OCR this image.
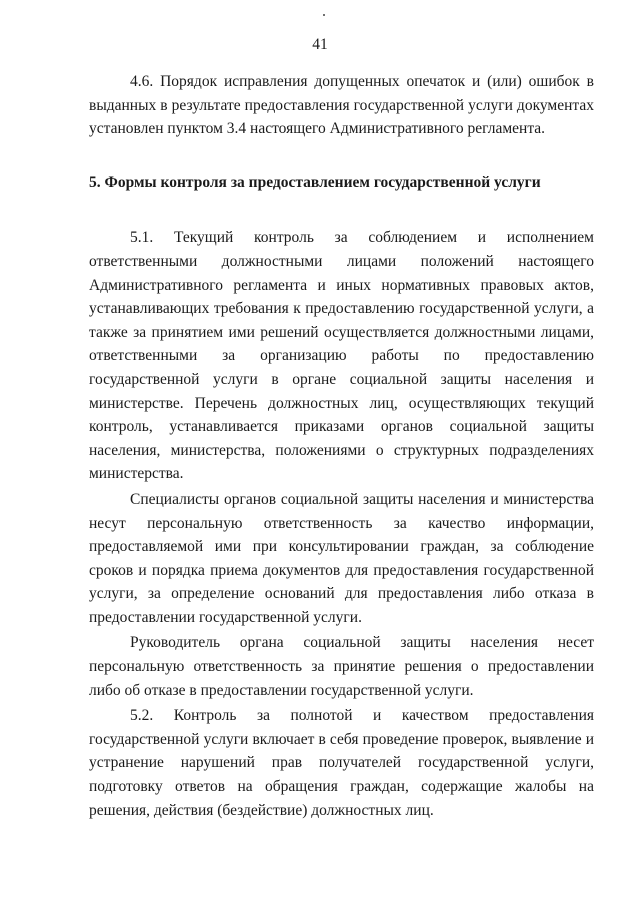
41

4.6. Порядок исправления допущенных опечаток и (или) ошибок в выданных в результате предоставления государственной услуги документах установлен пунктом 3.4 настоящего Административного регламента.

5. Формы контроля за предоставлением государственной услуги

5.1. Текущий контроль за соблюдением и исполнением ответственными должностными лицами положений настоящего Административного регламента и иных нормативных правовых актов, устанавливающих требования к предоставлению государственной услуги, а также за принятием ими решений осуществляется должностными лицами, ответственными за организацию работы по предоставлению государственной услуги в органе социальной защиты населения и министерстве. Перечень должностных лиц, осуществляющих текущий контроль, устанавливается приказами органов социальной защиты населения, министерства, положениями о структурных подразделениях министерства.

Специалисты органов социальной защиты населения и министерства несут персональную ответственность за качество информации, предоставляемой ими при консультировании граждан, за соблюдение сроков и порядка приема документов для предоставления государственной услуги, за определение оснований для предоставления либо отказа в предоставлении государственной услуги.

Руководитель органа социальной защиты населения несет персональную ответственность за принятие решения о предоставлении либо об отказе в предоставлении государственной услуги.

5.2. Контроль за полнотой и качеством предоставления государственной услуги включает в себя проведение проверок, выявление и устранение нарушений прав получателей государственной услуги, подготовку ответов на обращения граждан, содержащие жалобы на решения, действия (бездействие) должностных лиц.
